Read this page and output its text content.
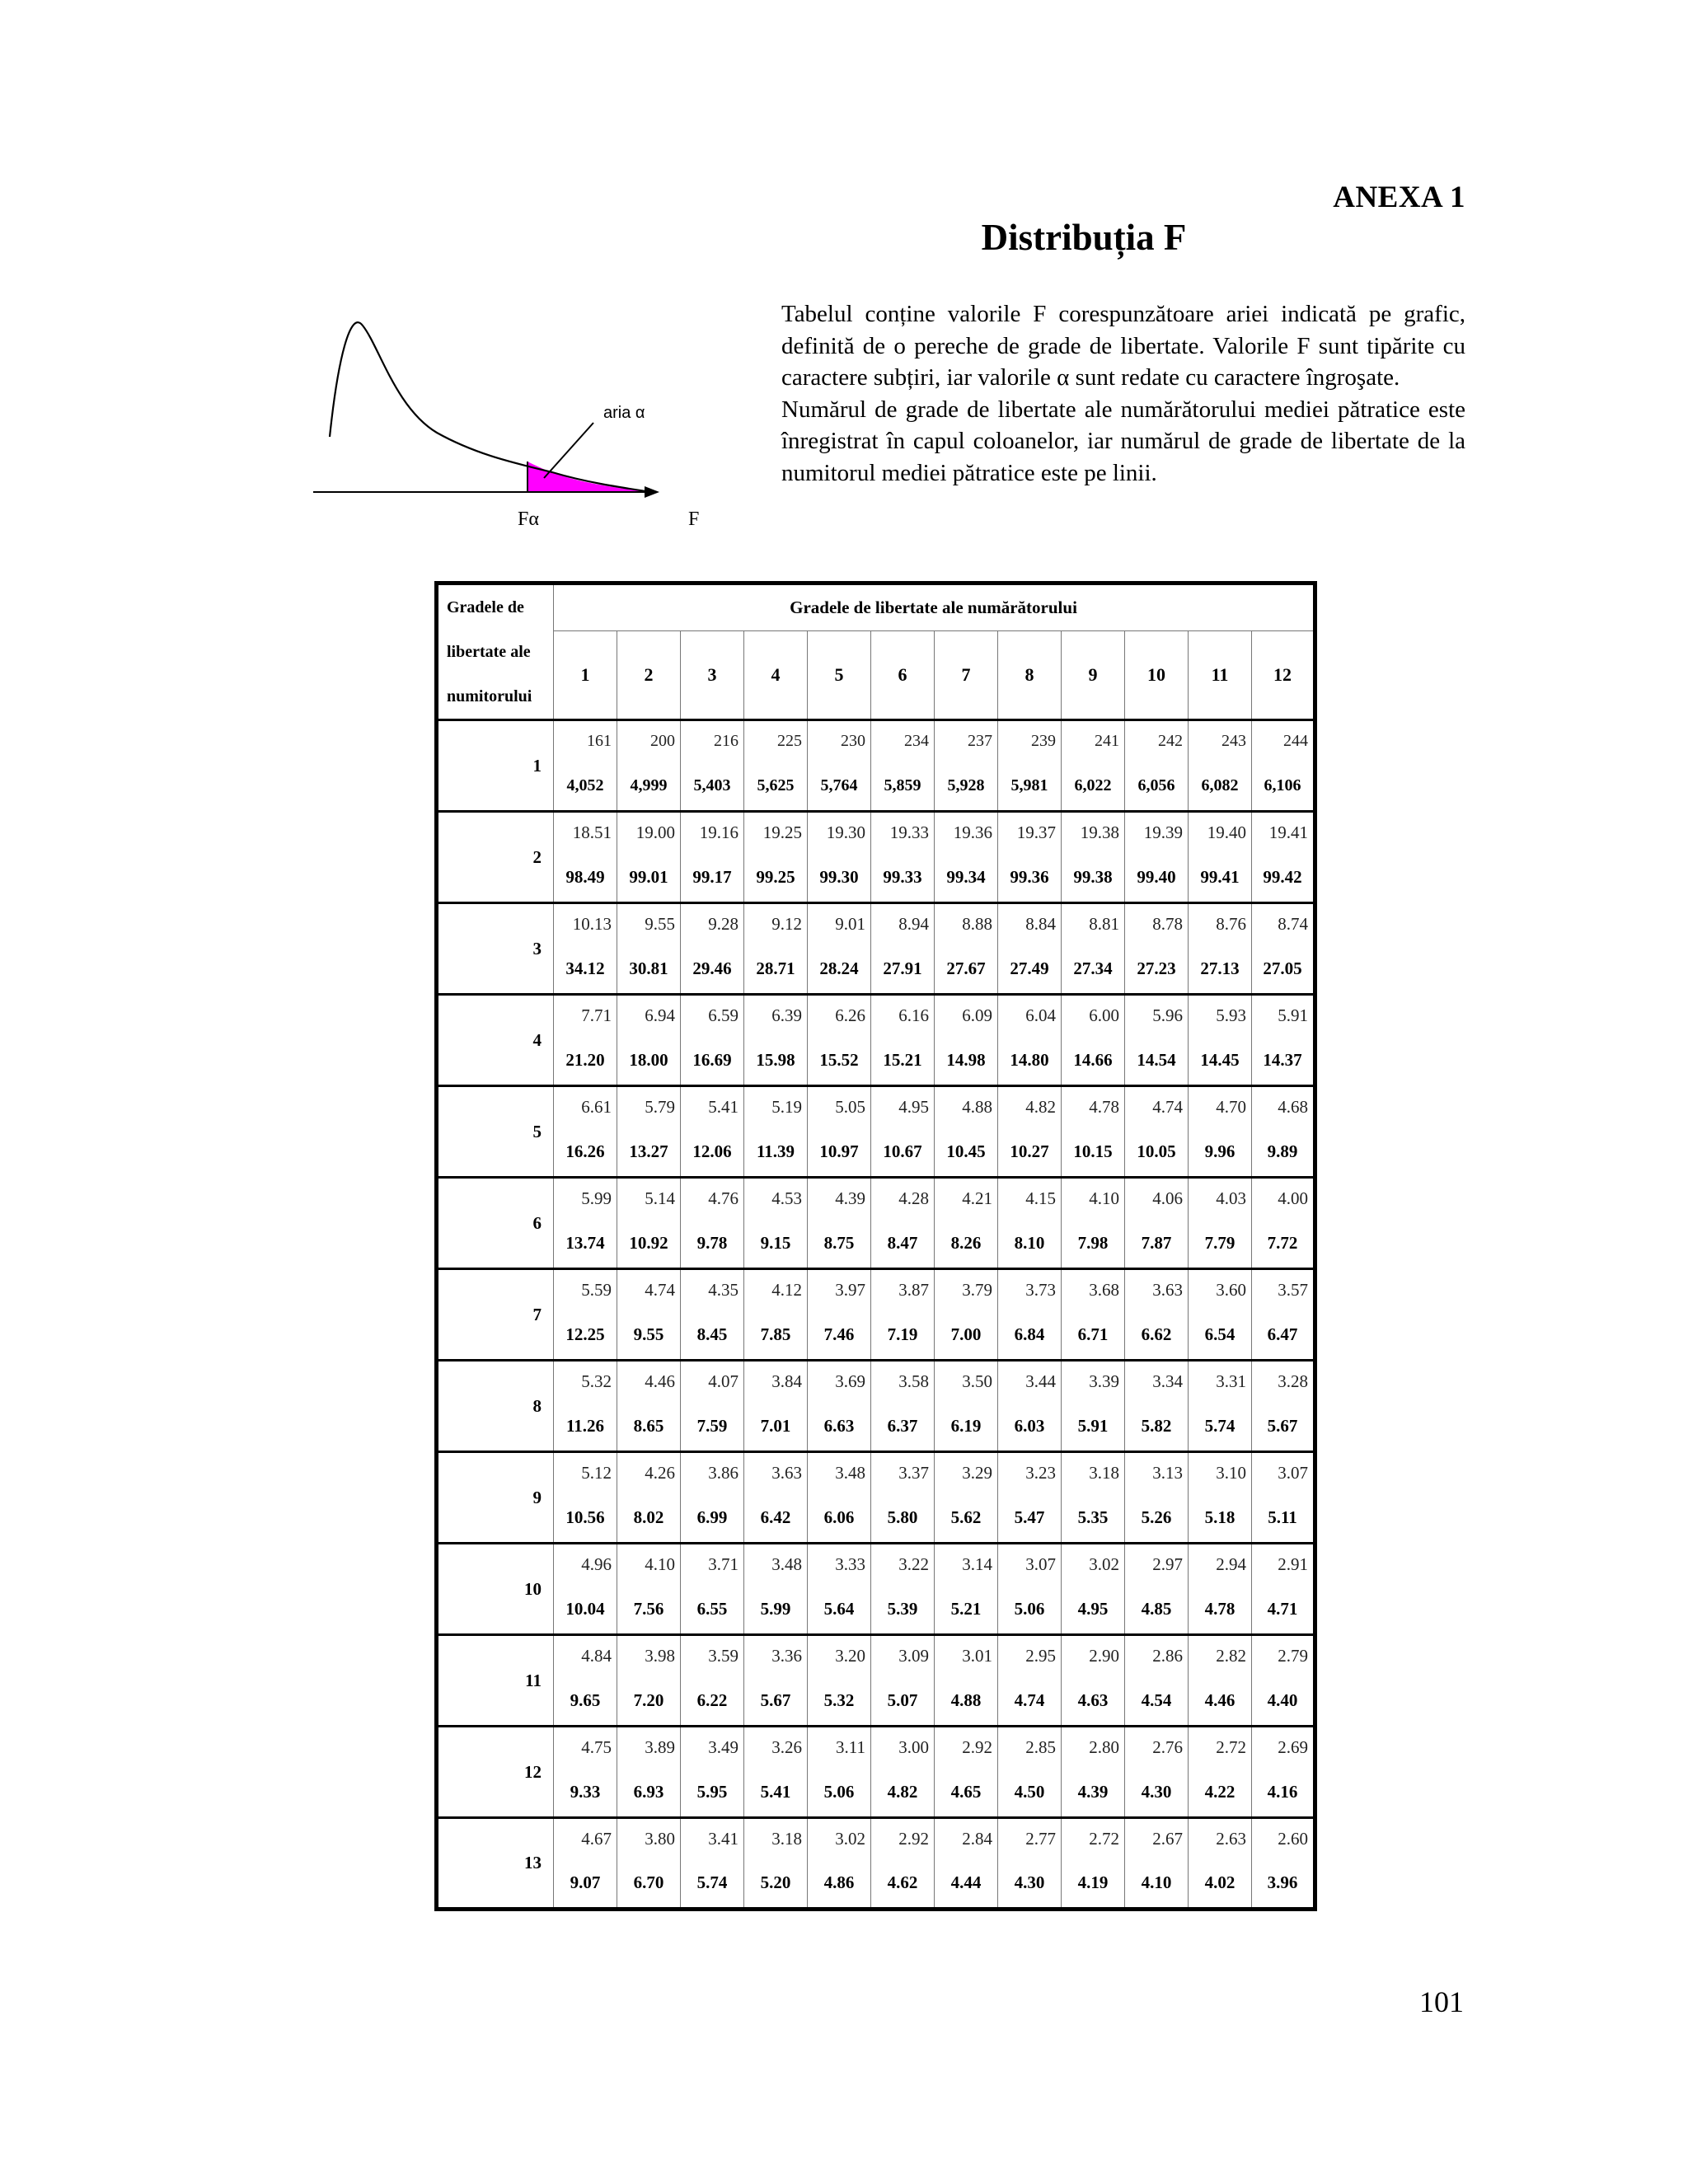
ANEXA 1
Distribuția F

Tabelul conține valorile F corespunzătoare ariei indicată pe grafic, definită de o pereche de grade de libertate. Valorile F sunt tipărite cu caractere subțiri, iar valorile α sunt redate cu caractere îngroşate.

Numărul de grade de libertate ale numărătorului mediei pătratice este înregistrat în capul coloanelor, iar numărul de grade de libertate de la numitorul mediei pătratice este pe linii.

aria α
Fα	F
Gradele de
libertate ale
numitorului	Gradele de libertate ale numărătorului											
	1	2	3	4	5	6	7	8	9	10	11	12
1	161	200	216	225	230	234	237	239	241	242	243	244
	4,052	4,999	5,403	5,625	5,764	5,859	5,928	5,981	6,022	6,056	6,082	6,106
2	18.51	19.00	19.16	19.25	19.30	19.33	19.36	19.37	19.38	19.39	19.40	19.41
	98.49	99.01	99.17	99.25	99.30	99.33	99.34	99.36	99.38	99.40	99.41	99.42
3	10.13	9.55	9.28	9.12	9.01	8.94	8.88	8.84	8.81	8.78	8.76	8.74
	34.12	30.81	29.46	28.71	28.24	27.91	27.67	27.49	27.34	27.23	27.13	27.05
4	7.71	6.94	6.59	6.39	6.26	6.16	6.09	6.04	6.00	5.96	5.93	5.91
	21.20	18.00	16.69	15.98	15.52	15.21	14.98	14.80	14.66	14.54	14.45	14.37
5	6.61	5.79	5.41	5.19	5.05	4.95	4.88	4.82	4.78	4.74	4.70	4.68
	16.26	13.27	12.06	11.39	10.97	10.67	10.45	10.27	10.15	10.05	9.96	9.89
6	5.99	5.14	4.76	4.53	4.39	4.28	4.21	4.15	4.10	4.06	4.03	4.00
	13.74	10.92	9.78	9.15	8.75	8.47	8.26	8.10	7.98	7.87	7.79	7.72
7	5.59	4.74	4.35	4.12	3.97	3.87	3.79	3.73	3.68	3.63	3.60	3.57
	12.25	9.55	8.45	7.85	7.46	7.19	7.00	6.84	6.71	6.62	6.54	6.47
8	5.32	4.46	4.07	3.84	3.69	3.58	3.50	3.44	3.39	3.34	3.31	3.28
	11.26	8.65	7.59	7.01	6.63	6.37	6.19	6.03	5.91	5.82	5.74	5.67
9	5.12	4.26	3.86	3.63	3.48	3.37	3.29	3.23	3.18	3.13	3.10	3.07
	10.56	8.02	6.99	6.42	6.06	5.80	5.62	5.47	5.35	5.26	5.18	5.11
10	4.96	4.10	3.71	3.48	3.33	3.22	3.14	3.07	3.02	2.97	2.94	2.91
	10.04	7.56	6.55	5.99	5.64	5.39	5.21	5.06	4.95	4.85	4.78	4.71
11	4.84	3.98	3.59	3.36	3.20	3.09	3.01	2.95	2.90	2.86	2.82	2.79
	9.65	7.20	6.22	5.67	5.32	5.07	4.88	4.74	4.63	4.54	4.46	4.40
12	4.75	3.89	3.49	3.26	3.11	3.00	2.92	2.85	2.80	2.76	2.72	2.69
	9.33	6.93	5.95	5.41	5.06	4.82	4.65	4.50	4.39	4.30	4.22	4.16
13	4.67	3.80	3.41	3.18	3.02	2.92	2.84	2.77	2.72	2.67	2.63	2.60
	9.07	6.70	5.74	5.20	4.86	4.62	4.44	4.30	4.19	4.10	4.02	3.96
101
